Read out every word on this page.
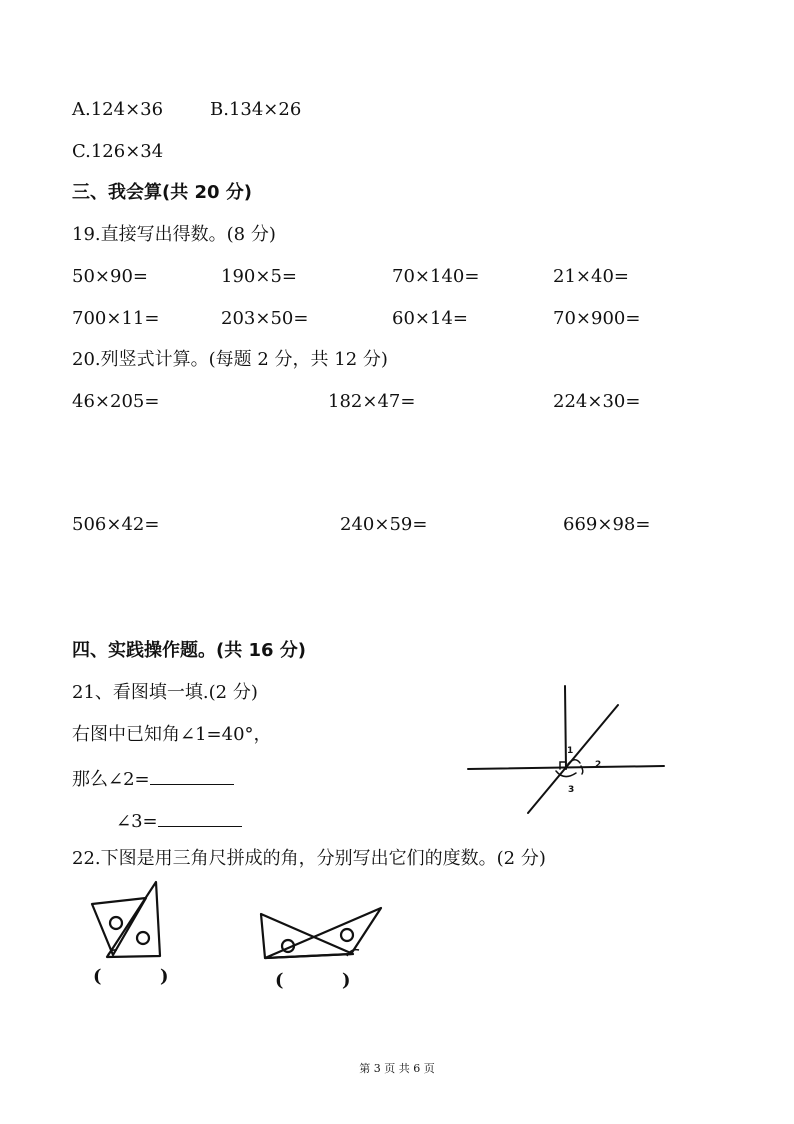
A.124×36	B.134×26
C.126×34
三、我会算(共 20 分)
19.直接写出得数。(8 分)
50×90=	190×5=	70×140=	21×40=
700×11=	203×50=	60×14=	70×900=
20.列竖式计算。(每题 2 分，共 12 分)
46×205=	182×47=	224×30=
506×42=	240×59=	669×98=
四、实践操作题。(共 16 分)
21、看图填一填.(2 分)
右图中已知角∠1=40°，
那么∠2=
∠3=
1
2
3
22.下图是用三角尺拼成的角，分别写出它们的度数。(2 分)
(	)	(	)
第 3 页 共 6 页
